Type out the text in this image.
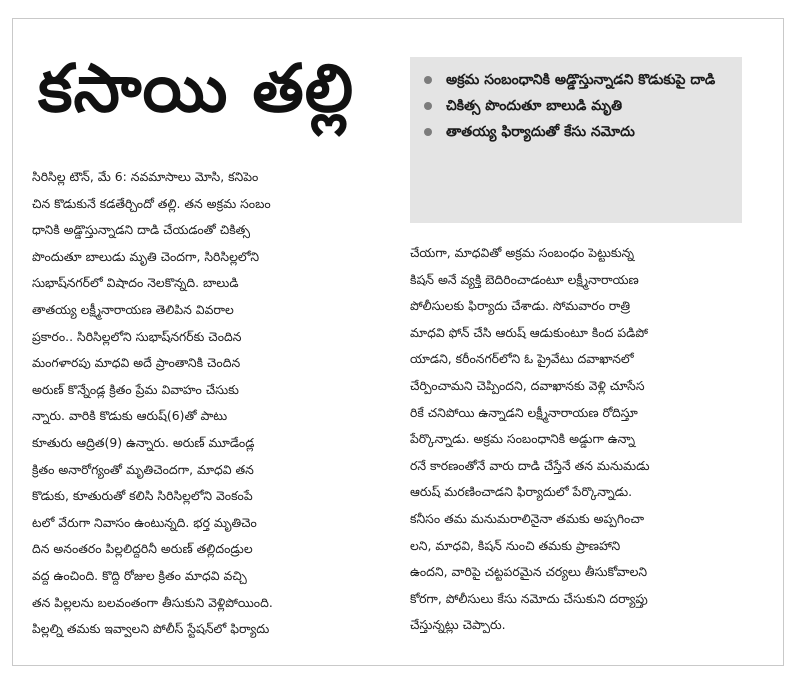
కసాయి తల్లి	అక్రమ సంబంధానికి అడ్డొస్తున్నాడని కొడుకుపై దాడి
చికిత్స పొందుతూ బాలుడి మృతి
తాతయ్య ఫిర్యాదుతో కేసు నమోదు
సిరిసిల్ల టౌన్, మే 6: నవమాసాలు మోసి, కనిపెం
చిన కొడుకునే కడతేర్చిందో తల్లి. తన అక్రమ సంబం
ధానికి అడ్డొస్తున్నాడని దాడి చేయడంతో చికిత్స
పొందుతూ బాలుడు మృతి చెందగా, సిరిసిల్లలోని
సుభాష్‌నగర్‌లో విషాదం నెలకొన్నది. బాలుడి
తాతయ్య లక్ష్మీనారాయణ తెలిపిన వివరాల
ప్రకారం.. సిరిసిల్లలోని సుభాష్‌నగర్‌కు చెందిన
మంగళారపు మాధవి అదే ప్రాంతానికి చెందిన
అరుణ్ కొన్నేండ్ల క్రితం ప్రేమ వివాహం చేసుకు
న్నారు. వారికి కొడుకు ఆరుష్(6)తో పాటు
కూతురు ఆద్రిత(9) ఉన్నారు. అరుణ్ మూడేండ్ల
క్రితం అనారోగ్యంతో మృతిచెందగా, మాధవి తన
కొడుకు, కూతురుతో కలిసి సిరిసిల్లలోని వెంకంపే
టలో వేరుగా నివాసం ఉంటున్నది. భర్త మృతిచెం
దిన అనంతరం పిల్లలిద్దరినీ అరుణ్ తల్లిదండ్రుల
వద్ద ఉంచింది. కొద్ది రోజుల క్రితం మాధవి వచ్చి
తన పిల్లలను బలవంతంగా తీసుకుని వెళ్లిపోయింది.
పిల్లల్ని తమకు ఇవ్వాలని పోలీస్ స్టేషన్‌లో ఫిర్యాదు
చేయగా, మాధవితో అక్రమ సంబంధం పెట్టుకున్న
కిషన్ అనే వ్యక్తి బెదిరించాడంటూ లక్ష్మీనారాయణ
పోలీసులకు ఫిర్యాదు చేశాడు. సోమవారం రాత్రి
మాధవి ఫోన్ చేసి ఆరుష్ ఆడుకుంటూ కింద పడిపో
యాడని, కరీంనగర్‌లోని ఓ ప్రైవేటు దవాఖానలో
చేర్పించామని చెప్పిందని, దవాఖానకు వెళ్లి చూసేస
రికే చనిపోయి ఉన్నాడని లక్ష్మీనారాయణ రోదిస్తూ
పేర్కొన్నాడు. అక్రమ సంబంధానికి అడ్డుగా ఉన్నా
రనే కారణంతోనే వారు దాడి చేస్తేనే తన మనుమడు
ఆరుష్ మరణించాడని ఫిర్యాదులో పేర్కొన్నాడు.
కనీసం తమ మనుమరాలినైనా తమకు అప్పగించా
లని, మాధవి, కిషన్ నుంచి తమకు ప్రాణహాని
ఉందని, వారిపై చట్టపరమైన చర్యలు తీసుకోవాలని
కోరగా, పోలీసులు కేసు నమోదు చేసుకుని దర్యాప్తు
చేస్తున్నట్లు చెప్పారు.
